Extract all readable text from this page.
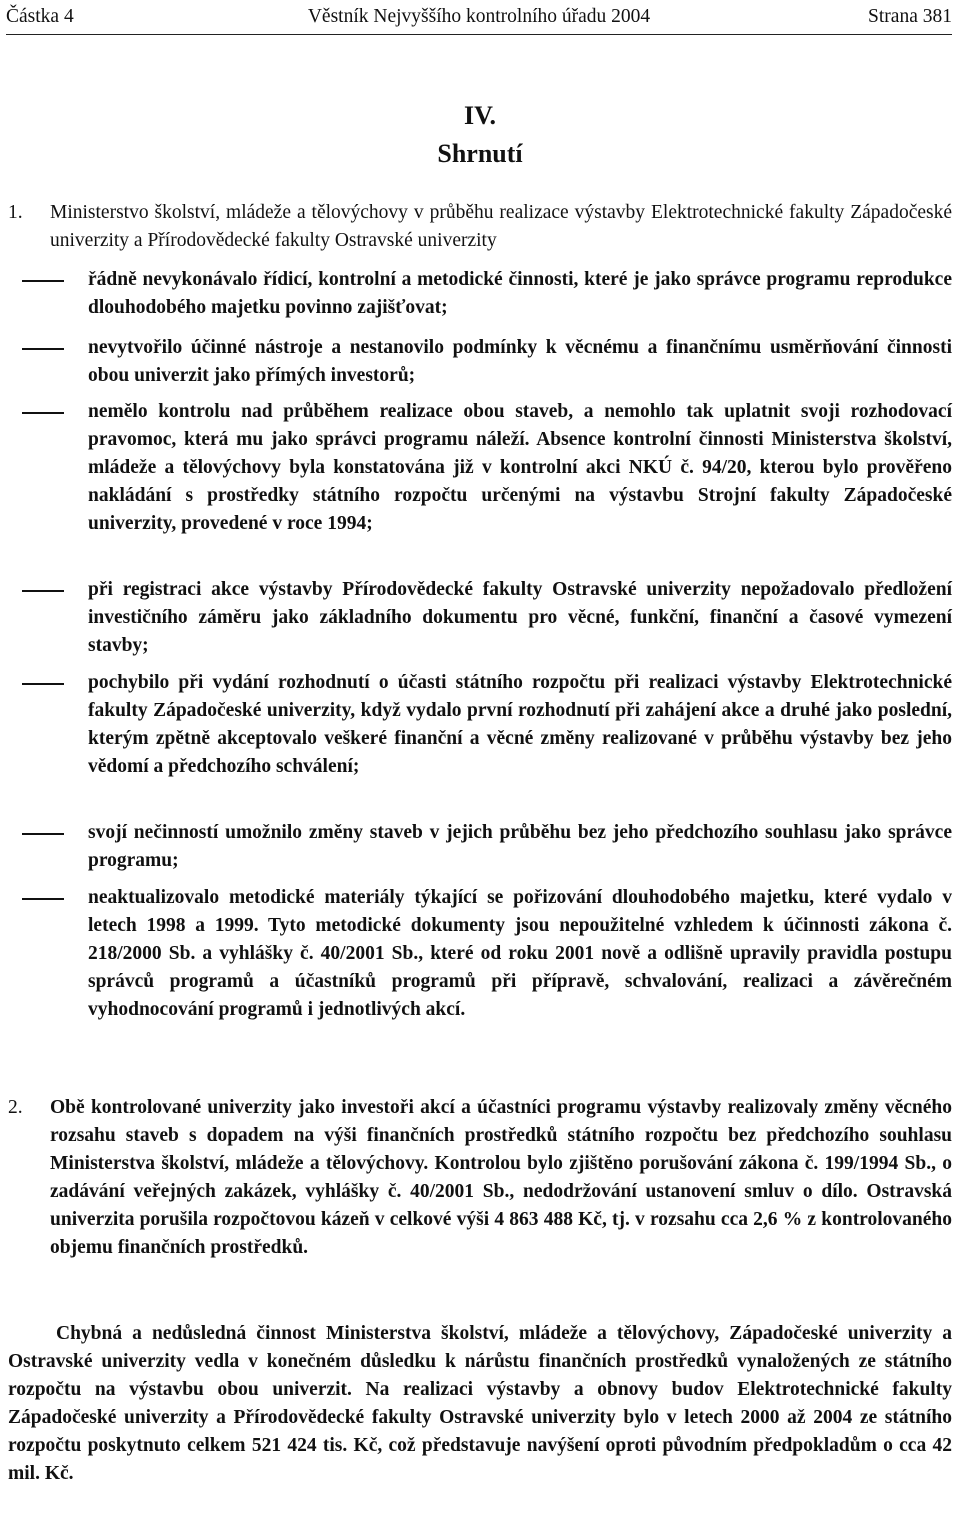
Částka 4	Věstník Nejvyššího kontrolního úřadu 2004	Strana 381
IV.
Shrnutí
1. Ministerstvo školství, mládeže a tělovýchovy v průběhu realizace výstavby Elektrotechnické fakulty Západočeské univerzity a Přírodovědecké fakulty Ostravské univerzity
řádně nevykonávalo řídicí, kontrolní a metodické činnosti, které je jako správce programu reprodukce dlouhodobého majetku povinno zajišťovat;
nevytvořilo účinné nástroje a nestanovilo podmínky k věcnému a finančnímu usměrňování činnosti obou univerzit jako přímých investorů;
nemělo kontrolu nad průběhem realizace obou staveb, a nemohlo tak uplatnit svoji rozhodovací pravomoc, která mu jako správci programu náleží. Absence kontrolní činnosti Ministerstva školství, mládeže a tělovýchovy byla konstatována již v kontrolní akci NKÚ č. 94/20, kterou bylo prověřeno nakládání s prostředky státního rozpočtu určenými na výstavbu Strojní fakulty Západočeské univerzity, provedené v roce 1994;
při registraci akce výstavby Přírodovědecké fakulty Ostravské univerzity nepožadovalo předložení investičního záměru jako základního dokumentu pro věcné, funkční, finanční a časové vymezení stavby;
pochybilo při vydání rozhodnutí o účasti státního rozpočtu při realizaci výstavby Elektrotechnické fakulty Západočeské univerzity, když vydalo první rozhodnutí při zahájení akce a druhé jako poslední, kterým zpětně akceptovalo veškeré finanční a věcné změny realizované v průběhu výstavby bez jeho vědomí a předchozího schválení;
svojí nečinností umožnilo změny staveb v jejich průběhu bez jeho předchozího souhlasu jako správce programu;
neaktualizovalo metodické materiály týkající se pořizování dlouhodobého majetku, které vydalo v letech 1998 a 1999. Tyto metodické dokumenty jsou nepoužitelné vzhledem k účinnosti zákona č. 218/2000 Sb. a vyhlášky č. 40/2001 Sb., které od roku 2001 nově a odlišně upravily pravidla postupu správců programů a účastníků programů při přípravě, schvalování, realizaci a závěrečném vyhodnocování programů i jednotlivých akcí.
2. Obě kontrolované univerzity jako investoři akcí a účastníci programu výstavby realizovaly změny věcného rozsahu staveb s dopadem na výši finančních prostředků státního rozpočtu bez předchozího souhlasu Ministerstva školství, mládeže a tělovýchovy. Kontrolou bylo zjištěno porušování zákona č. 199/1994 Sb., o zadávání veřejných zakázek, vyhlášky č. 40/2001 Sb., nedodržování ustanovení smluv o dílo. Ostravská univerzita porušila rozpočtovou kázeň v celkové výši 4 863 488 Kč, tj. v rozsahu cca 2,6 % z kontrolovaného objemu finančních prostředků.
Chybná a nedůsledná činnost Ministerstva školství, mládeže a tělovýchovy, Západočeské univerzity a Ostravské univerzity vedla v konečném důsledku k nárůstu finančních prostředků vynaložených ze státního rozpočtu na výstavbu obou univerzit. Na realizaci výstavby a obnovy budov Elektrotechnické fakulty Západočeské univerzity a Přírodovědecké fakulty Ostravské univerzity bylo v letech 2000 až 2004 ze státního rozpočtu poskytnuto celkem 521 424 tis. Kč, což představuje navýšení oproti původním předpokladům o cca 42 mil. Kč.
